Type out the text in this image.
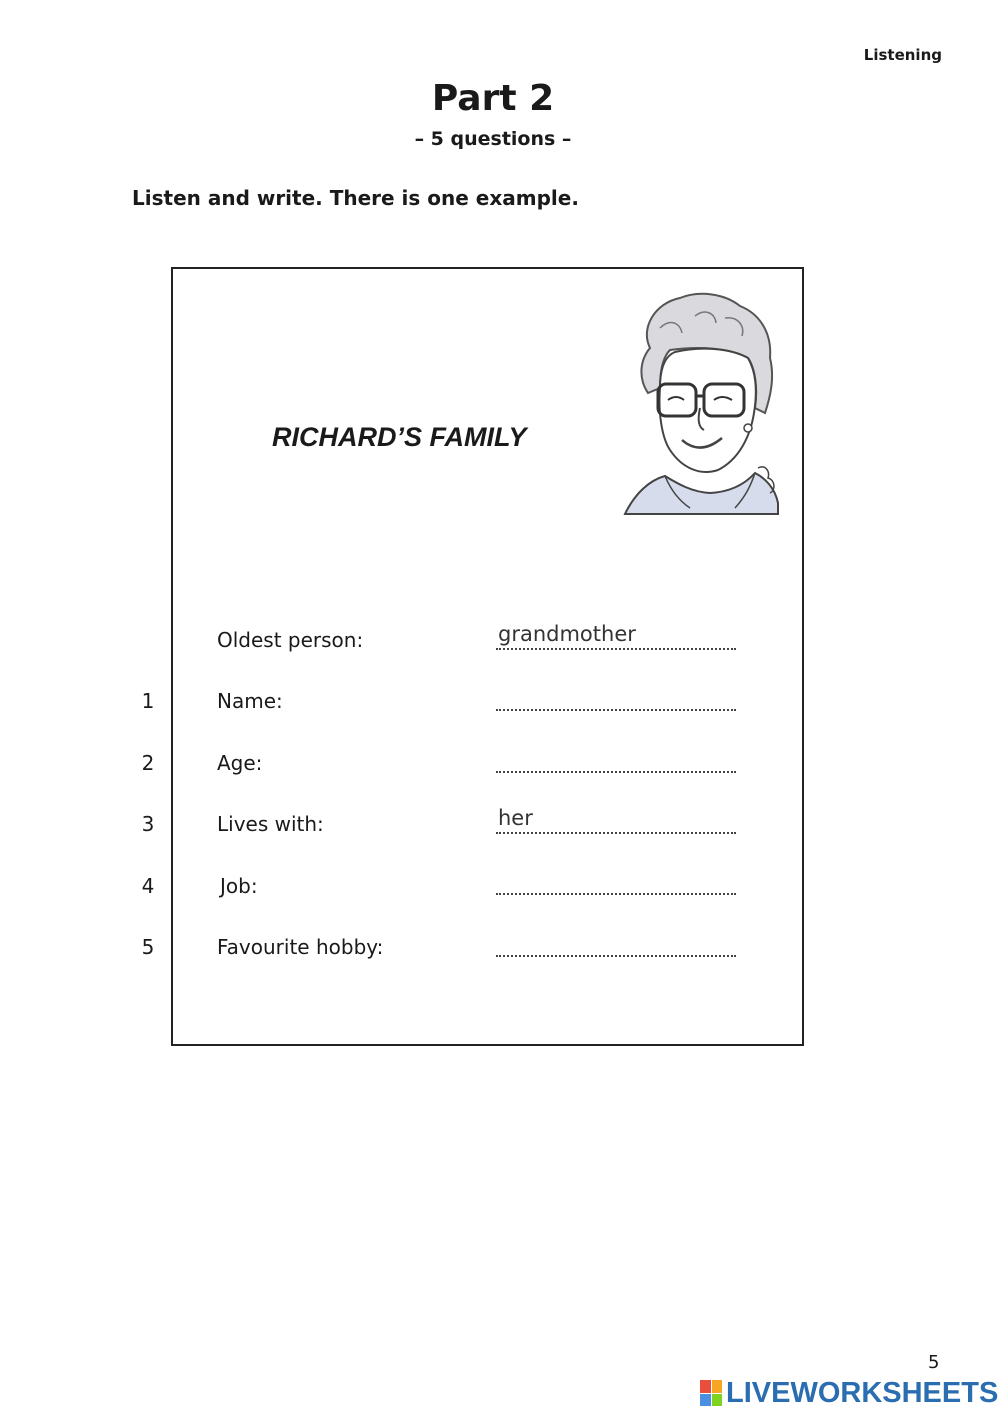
Listening
Part 2
– 5 questions –
Listen and write. There is one example.
RICHARD’S FAMILY
Oldest person:	grandmother
1	Name:
2	Age:
3	Lives with:	her
4	Job:
5	Favourite hobby:
5
LIVEWORKSHEETS
